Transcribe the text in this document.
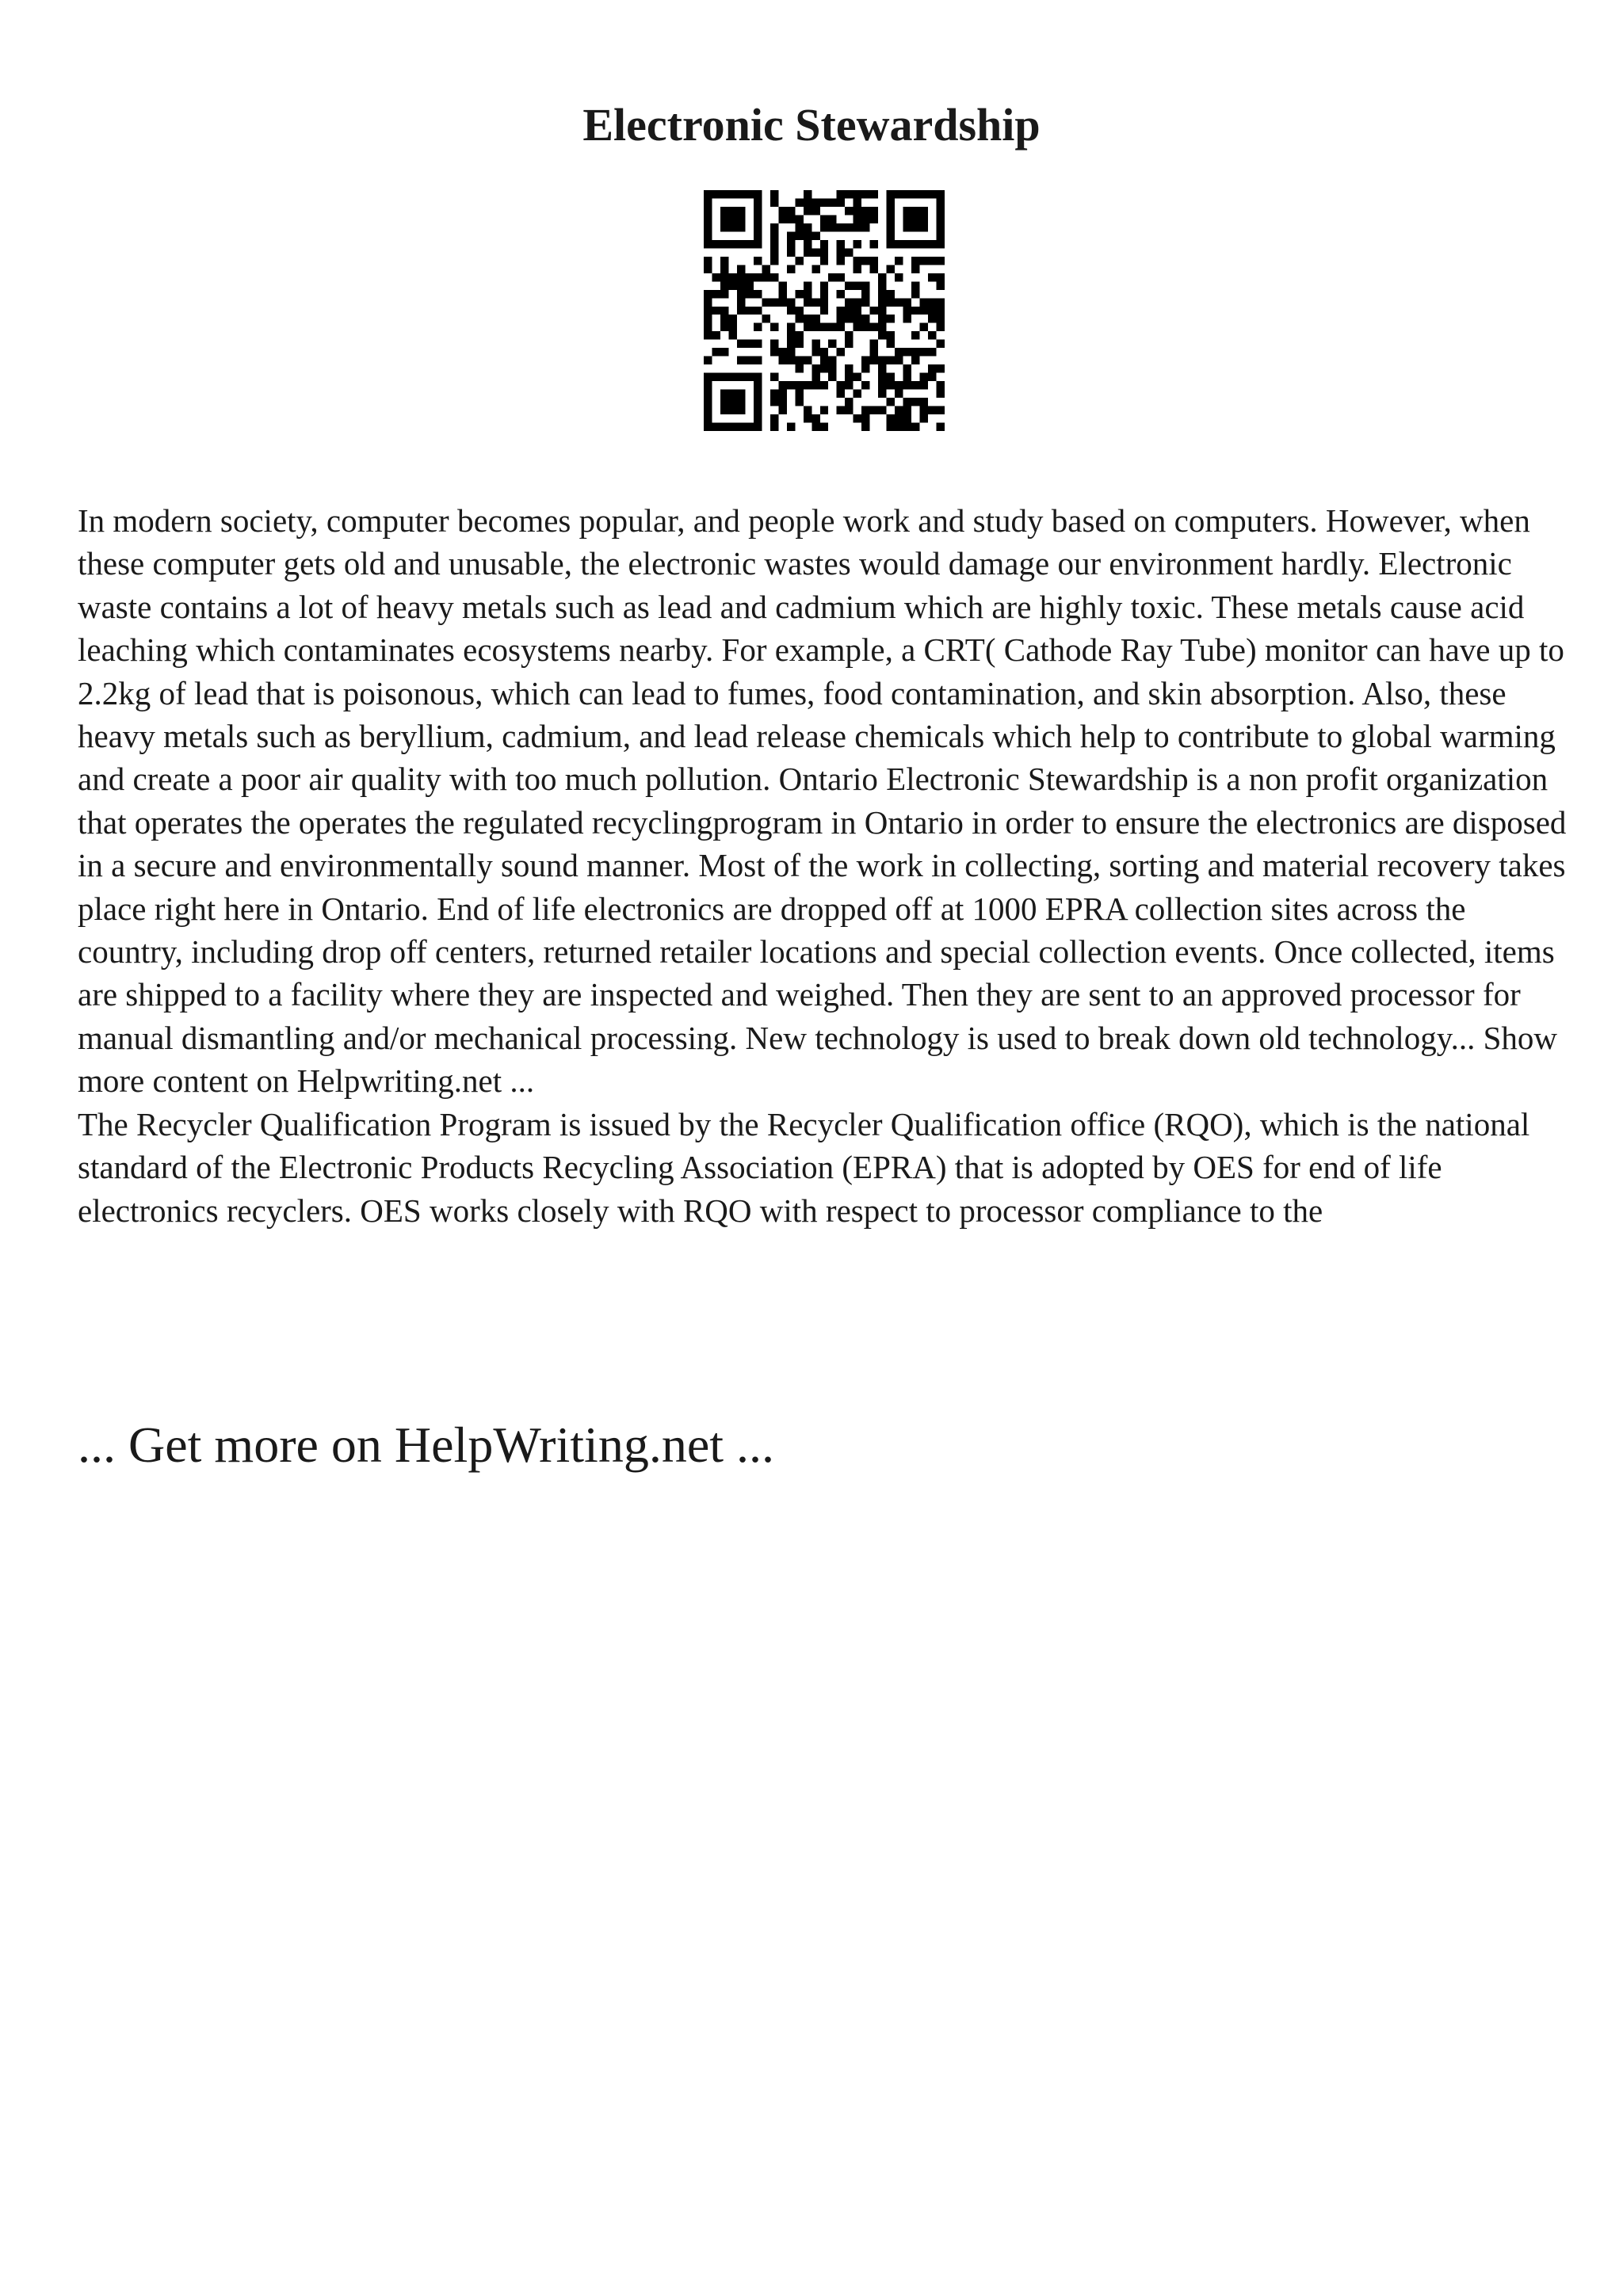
Electronic Stewardship

In modern society, computer becomes popular, and people work and study based on computers. However, when these computer gets old and unusable, the electronic wastes would damage our environment hardly. Electronic waste contains a lot of heavy metals such as lead and cadmium which are highly toxic. These metals cause acid leaching which contaminates ecosystems nearby. For example, a CRT( Cathode Ray Tube) monitor can have up to 2.2kg of lead that is poisonous, which can lead to fumes, food contamination, and skin absorption. Also, these heavy metals such as beryllium, cadmium, and lead release chemicals which help to contribute to global warming and create a poor air quality with too much pollution. Ontario Electronic Stewardship is a non profit organization that operates the operates the regulated recyclingprogram in Ontario in order to ensure the electronics are disposed in a secure and environmentally sound manner. Most of the work in collecting, sorting and material recovery takes place right here in Ontario. End of life electronics are dropped off at 1000 EPRA collection sites across the country, including drop off centers, returned retailer locations and special collection events. Once collected, items are shipped to a facility where they are inspected and weighed. Then they are sent to an approved processor for manual dismantling and/or mechanical processing. New technology is used to break down old technology... Show more content on Helpwriting.net ...

The Recycler Qualification Program is issued by the Recycler Qualification office (RQO), which is the national standard of the Electronic Products Recycling Association (EPRA) that is adopted by OES for end of life electronics recyclers. OES works closely with RQO with respect to processor compliance to the

... Get more on HelpWriting.net ...
